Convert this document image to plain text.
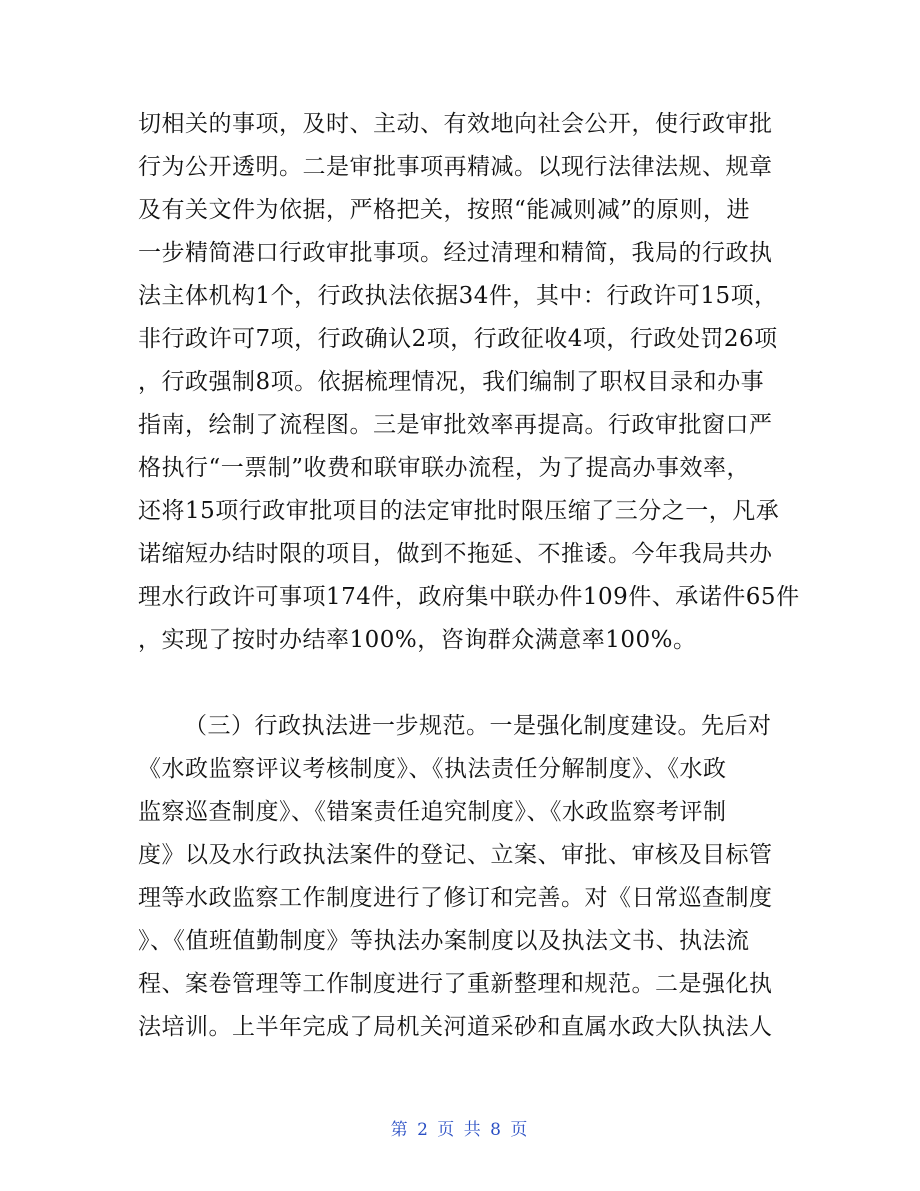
切相关的事项，及时、主动、有效地向社会公开，使行政审批
行为公开透明。二是审批事项再精减。以现行法律法规、规章
及有关文件为依据，严格把关，按照“能减则减”的原则，进
一步精简港口行政审批事项。经过清理和精简，我局的行政执
法主体机构1个，行政执法依据34件，其中：行政许可15项，
非行政许可7项，行政确认2项，行政征收4项，行政处罚26项
，行政强制8项。依据梳理情况，我们编制了职权目录和办事
指南，绘制了流程图。三是审批效率再提高。行政审批窗口严
格执行“一票制”收费和联审联办流程，为了提高办事效率，
还将15项行政审批项目的法定审批时限压缩了三分之一，凡承
诺缩短办结时限的项目，做到不拖延、不推诿。今年我局共办
理水行政许可事项174件，政府集中联办件109件、承诺件65件
，实现了按时办结率100%，咨询群众满意率100%。
（三）行政执法进一步规范。一是强化制度建设。先后对
《水政监察评议考核制度》、《执法责任分解制度》、《水政
监察巡查制度》、《错案责任追究制度》、《水政监察考评制
度》以及水行政执法案件的登记、立案、审批、审核及目标管
理等水政监察工作制度进行了修订和完善。对《日常巡查制度
》、《值班值勤制度》等执法办案制度以及执法文书、执法流
程、案卷管理等工作制度进行了重新整理和规范。二是强化执
法培训。上半年完成了局机关河道采砂和直属水政大队执法人
第 2 页 共 8 页
